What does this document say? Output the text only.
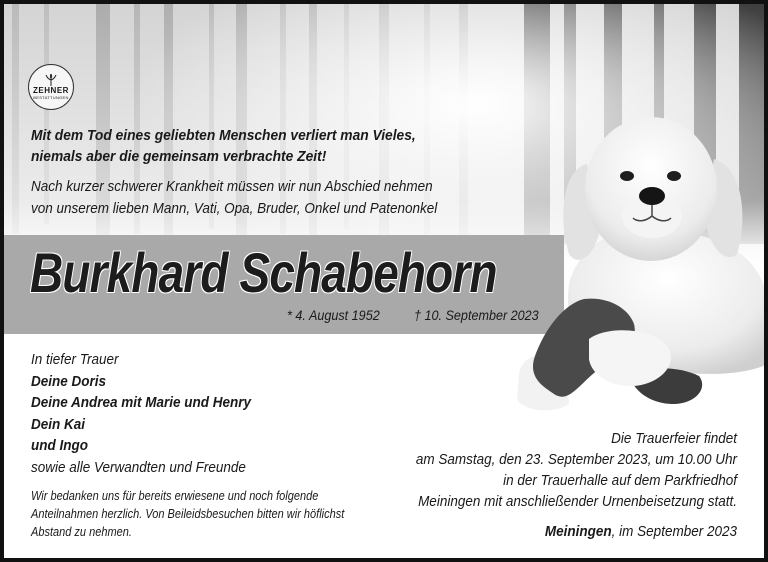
ZEHNER
BESTATTUNGEN
Mit dem Tod eines geliebten Menschen verliert man Vieles,
niemals aber die gemeinsam verbrachte Zeit!
Nach kurzer schwerer Krankheit müssen wir nun Abschied nehmen
von unserem lieben Mann, Vati, Opa, Bruder, Onkel und Patenonkel
Burkhard Schabehorn
* 4. August 1952 † 10. September 2023
In tiefer Trauer
Deine Doris
Deine Andrea mit Marie und Henry
Dein Kai
und Ingo
sowie alle Verwandten und Freunde
Wir bedanken uns für bereits erwiesene und noch folgende
Anteilnahmen herzlich. Von Beileidsbesuchen bitten wir höflichst
Abstand zu nehmen.
Die Trauerfeier findet
am Samstag, den 23. September 2023, um 10.00 Uhr
in der Trauerhalle auf dem Parkfriedhof
Meiningen mit anschließender Urnenbeisetzung statt.
Meiningen, im September 2023
